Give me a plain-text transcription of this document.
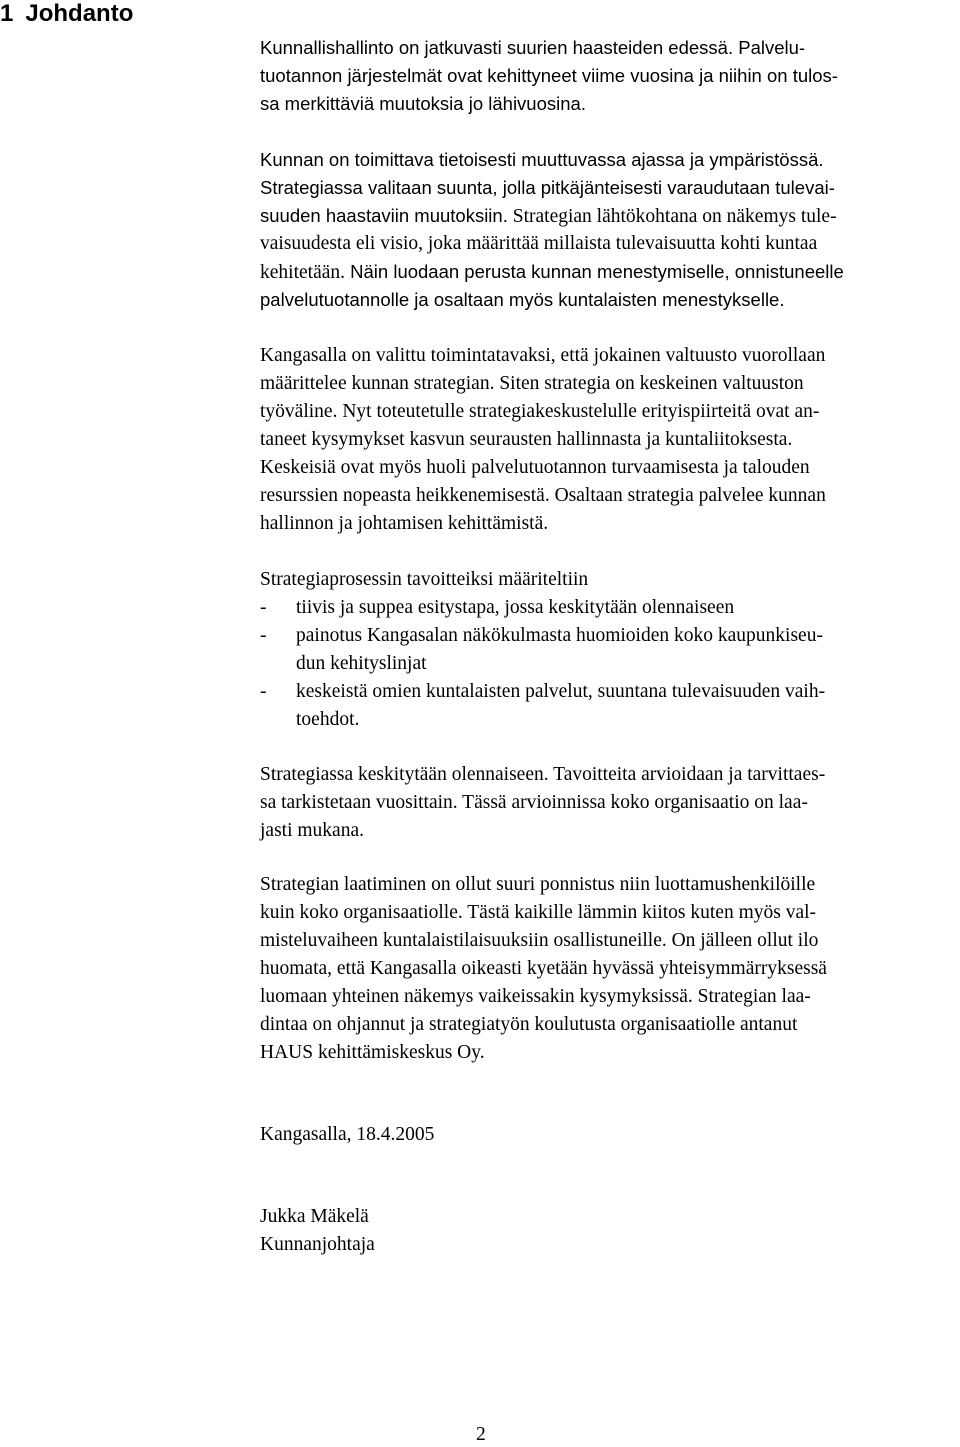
1 Johdanto
Kunnallishallinto on jatkuvasti suurien haasteiden edessä. Palvelu-
tuotannon järjestelmät ovat kehittyneet viime vuosina ja niihin on tulos-
sa merkittäviä muutoksia jo lähivuosina.
Kunnan on toimittava tietoisesti muuttuvassa ajassa ja ympäristössä.
Strategiassa valitaan suunta, jolla pitkäjänteisesti varaudutaan tulevai-
suuden haastaviin muutoksiin. Strategian lähtökohtana on näkemys tule-
vaisuudesta eli visio, joka määrittää millaista tulevaisuutta kohti kuntaa
kehitetään. Näin luodaan perusta kunnan menestymiselle, onnistuneelle
palvelutuotannolle ja osaltaan myös kuntalaisten menestykselle.
Kangasalla on valittu toimintatavaksi, että jokainen valtuusto vuorollaan
määrittelee kunnan strategian. Siten strategia on keskeinen valtuuston
työväline. Nyt toteutetulle strategiakeskustelulle erityispiirteitä ovat an-
taneet kysymykset kasvun seurausten hallinnasta ja kuntaliitoksesta.
Keskeisiä ovat myös huoli palvelutuotannon turvaamisesta ja talouden
resurssien nopeasta heikkenemisestä. Osaltaan strategia palvelee kunnan
hallinnon ja johtamisen kehittämistä.
Strategiaprosessin tavoitteiksi määriteltiin
- tiivis ja suppea esitystapa, jossa keskitytään olennaiseen
- painotus Kangasalan näkökulmasta huomioiden koko kaupunkiseu-
dun kehityslinjat
- keskeistä omien kuntalaisten palvelut, suuntana tulevaisuuden vaih-
toehdot.
Strategiassa keskitytään olennaiseen. Tavoitteita arvioidaan ja tarvittaes-
sa tarkistetaan vuosittain. Tässä arvioinnissa koko organisaatio on laa-
jasti mukana.
Strategian laatiminen on ollut suuri ponnistus niin luottamushenkilöille
kuin koko organisaatiolle. Tästä kaikille lämmin kiitos kuten myös val-
misteluvaiheen kuntalaistilaisuuksiin osallistuneille. On jälleen ollut ilo
huomata, että Kangasalla oikeasti kyetään hyvässä yhteisymmärryksessä
luomaan yhteinen näkemys vaikeissakin kysymyksissä. Strategian laa-
dintaa on ohjannut ja strategiatyön koulutusta organisaatiolle antanut
HAUS kehittämiskeskus Oy.
Kangasalla, 18.4.2005
Jukka Mäkelä
Kunnanjohtaja
2
